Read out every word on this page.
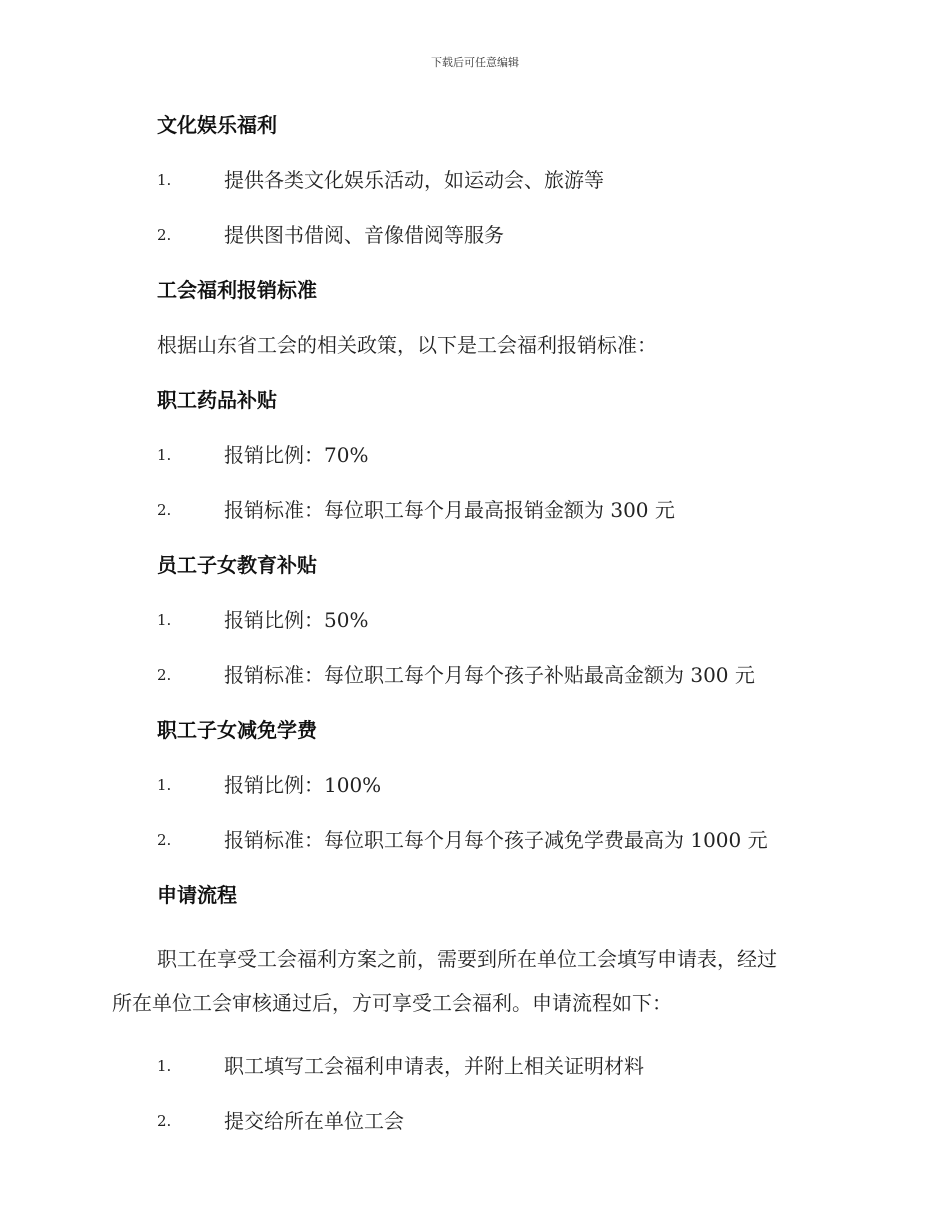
下载后可任意编辑
文化娱乐福利
1.	提供各类文化娱乐活动，如运动会、旅游等
2.	提供图书借阅、音像借阅等服务
工会福利报销标准
根据山东省工会的相关政策，以下是工会福利报销标准：
职工药品补贴
1.	报销比例：70%
2.	报销标准：每位职工每个月最高报销金额为 300 元
员工子女教育补贴
1.	报销比例：50%
2.	报销标准：每位职工每个月每个孩子补贴最高金额为 300 元
职工子女减免学费
1.	报销比例：100%
2.	报销标准：每位职工每个月每个孩子减免学费最高为 1000 元
申请流程
职工在享受工会福利方案之前，需要到所在单位工会填写申请表，经过
所在单位工会审核通过后，方可享受工会福利。申请流程如下：
1.	职工填写工会福利申请表，并附上相关证明材料
2.	提交给所在单位工会
